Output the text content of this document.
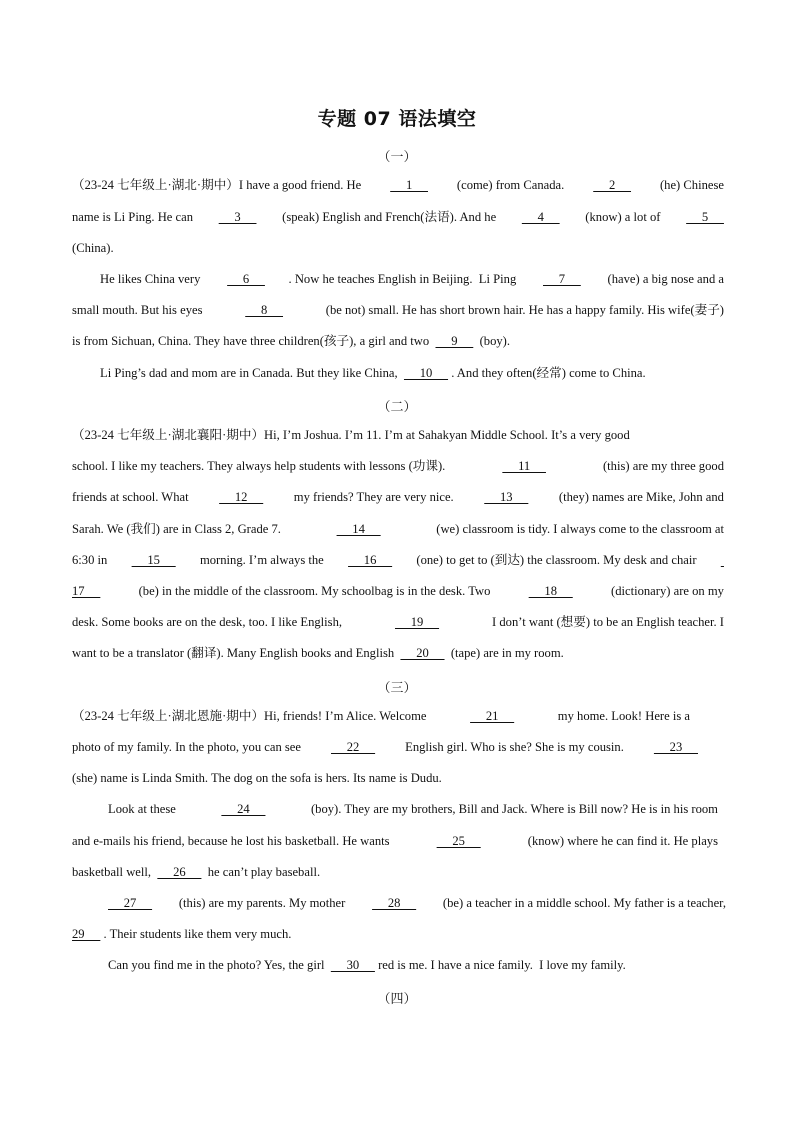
专题 07 语法填空
（一）
（23-24 七年级上·湖北·期中）I have a good friend. He 1 (come) from Canada. 2 (he) Chinese
name is Li Ping. He can 3 (speak) English and French(法语). And he 4 (know) a lot of 5
(China).
He likes China very 6 . Now he teaches English in Beijing.  Li Ping 7 (have) a big nose and a
small mouth. But his eyes	8	(be not) small. He has short brown hair. He has a happy family. His wife(妻子)
is from Sichuan, China. They have three children(孩子), a girl and two       9       (boy).
Li Ping’s dad and mom are in Canada. But they like China,       10      . And they often(经常) come to China.
（二）
（23-24 七年级上·湖北襄阳·期中）Hi, I’m Joshua. I’m 11. I’m at Sahakyan Middle School. It’s a very good
school. I like my teachers. They always help students with lessons (功课).	11	(this) are my three good
friends at school. What 12 my friends? They are very nice. 13 (they) names are Mike, John and
Sarah. We (我们) are in Class 2, Grade 7.	14	(we) classroom is tidy. I always come to the classroom at
6:30 in 15 morning. I’m always the 16 (one) to get to (到达) the classroom. My desk and chair

17	(be) in the middle of the classroom. My schoolbag is in the desk. Two	18	(dictionary) are on my
desk. Some books are on the desk, too. I like English,	19	I don’t want (想要) to be an English teacher. I
want to be a translator (翻译). Many English books and English       20       (tape) are in my room.
（三）
（23-24 七年级上·湖北恩施·期中）Hi, friends! I’m Alice. Welcome	21	my home. Look! Here is a
photo of my family. In the photo, you can see 22 English girl. Who is she? She is my cousin. 23
(she) name is Linda Smith. The dog on the sofa is hers. Its name is Dudu.
Look at these	24	(boy). They are my brothers, Bill and Jack. Where is Bill now? He is in his room
and e-mails his friend, because he lost his basketball. He wants	25	(know) where he can find it. He plays
basketball well,       26       he can’t play baseball.
27 (this) are my parents. My mother 28 (be) a teacher in a middle school. My father is a teacher,
29      . Their students like them very much.
Can you find me in the photo? Yes, the girl       30      red is me. I have a nice family.  I love my family.
（四）
